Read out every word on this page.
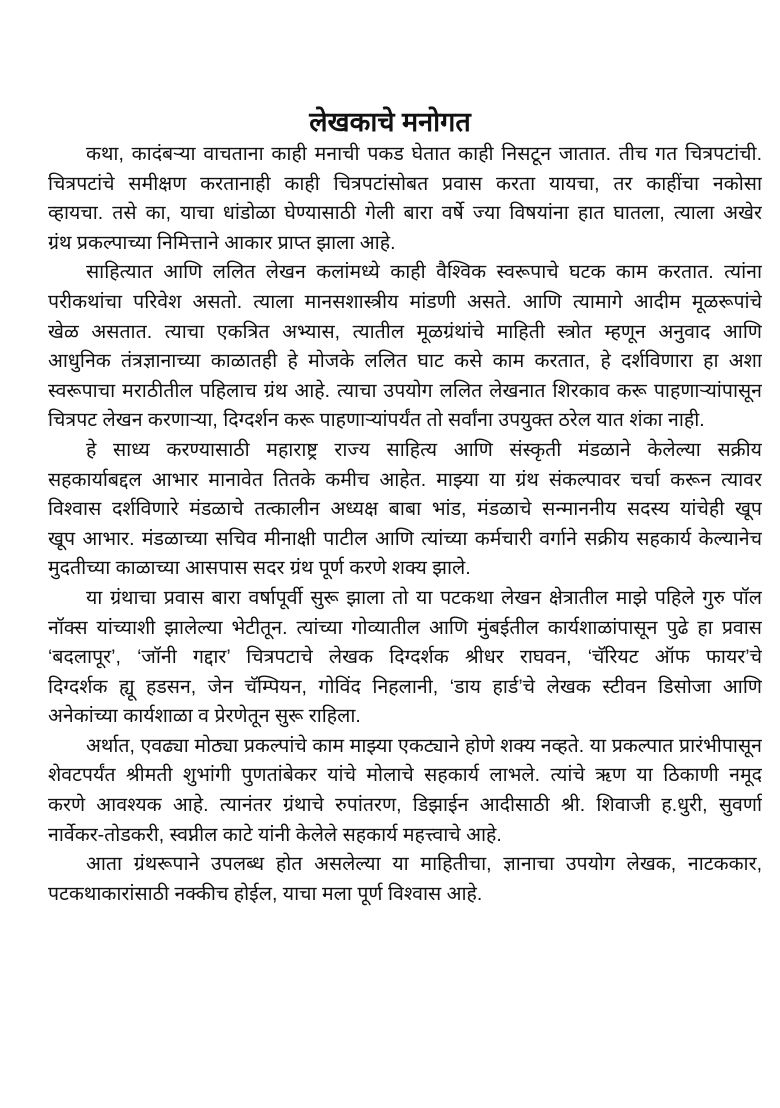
लेखकाचे मनोगत
कथा, कादंबऱ्या वाचताना काही मनाची पकड घेतात काही निसटून जातात. तीच गत चित्रपटांची.
चित्रपटांचे समीक्षण करतानाही काही चित्रपटांसोबत प्रवास करता यायचा, तर काहींचा नकोसा
व्हायचा. तसे का, याचा धांडोळा घेण्यासाठी गेली बारा वर्षे ज्या विषयांना हात घातला, त्याला अखेर
ग्रंथ प्रकल्पाच्या निमित्ताने आकार प्राप्त झाला आहे.
साहित्यात आणि ललित लेखन कलांमध्ये काही वैश्विक स्वरूपाचे घटक काम करतात. त्यांना
परीकथांचा परिवेश असतो. त्याला मानसशास्त्रीय मांडणी असते. आणि त्यामागे आदीम मूळरूपांचे
खेळ असतात. त्याचा एकत्रित अभ्यास, त्यातील मूळग्रंथांचे माहिती स्त्रोत म्हणून अनुवाद आणि
आधुनिक तंत्रज्ञानाच्या काळातही हे मोजके ललित घाट कसे काम करतात, हे दर्शविणारा हा अशा
स्वरूपाचा मराठीतील पहिलाच ग्रंथ आहे. त्याचा उपयोग ललित लेखनात शिरकाव करू पाहणाऱ्यांपासून
चित्रपट लेखन करणाऱ्या, दिग्दर्शन करू पाहणाऱ्यांपर्यंत तो सर्वांना उपयुक्त ठरेल यात शंका नाही.
हे साध्य करण्यासाठी महाराष्ट्र राज्य साहित्य आणि संस्कृती मंडळाने केलेल्या सक्रीय
सहकार्याबद्दल आभार मानावेत तितके कमीच आहेत. माझ्या या ग्रंथ संकल्पावर चर्चा करून त्यावर
विश्वास दर्शविणारे मंडळाचे तत्कालीन अध्यक्ष बाबा भांड, मंडळाचे सन्माननीय सदस्य यांचेही खूप
खूप आभार. मंडळाच्या सचिव मीनाक्षी पाटील आणि त्यांच्या कर्मचारी वर्गाने सक्रीय सहकार्य केल्यानेच
मुदतीच्या काळाच्या आसपास सदर ग्रंथ पूर्ण करणे शक्य झाले.
या ग्रंथाचा प्रवास बारा वर्षापूर्वी सुरू झाला तो या पटकथा लेखन क्षेत्रातील माझे पहिले गुरु पॉल
नॉक्स यांच्याशी झालेल्या भेटीतून. त्यांच्या गोव्यातील आणि मुंबईतील कार्यशाळांपासून पुढे हा प्रवास
‘बदलापूर’, ‘जॉनी गद्दार’ चित्रपटाचे लेखक दिग्दर्शक श्रीधर राघवन, ‘चॅरियट ऑफ फायर’चे
दिग्दर्शक ह्यू हडसन, जेन चॅम्पियन, गोविंद निहलानी, ‘डाय हार्ड’चे लेखक स्टीवन डिसोजा आणि
अनेकांच्या कार्यशाळा व प्रेरणेतून सुरू राहिला.
अर्थात, एवढ्या मोठ्या प्रकल्पांचे काम माझ्या एकट्याने होणे शक्य नव्हते. या प्रकल्पात प्रारंभीपासून
शेवटपर्यंत श्रीमती शुभांगी पुणतांबेकर यांचे मोलाचे सहकार्य लाभले. त्यांचे ऋण या ठिकाणी नमूद
करणे आवश्यक आहे. त्यानंतर ग्रंथाचे रुपांतरण, डिझाईन आदीसाठी श्री. शिवाजी ह.धुरी, सुवर्णा
नार्वेकर-तोडकरी, स्वप्नील काटे यांनी केलेले सहकार्य महत्त्वाचे आहे.
आता ग्रंथरूपाने उपलब्ध होत असलेल्या या माहितीचा, ज्ञानाचा उपयोग लेखक, नाटककार,
पटकथाकारांसाठी नक्कीच होईल, याचा मला पूर्ण विश्वास आहे.
